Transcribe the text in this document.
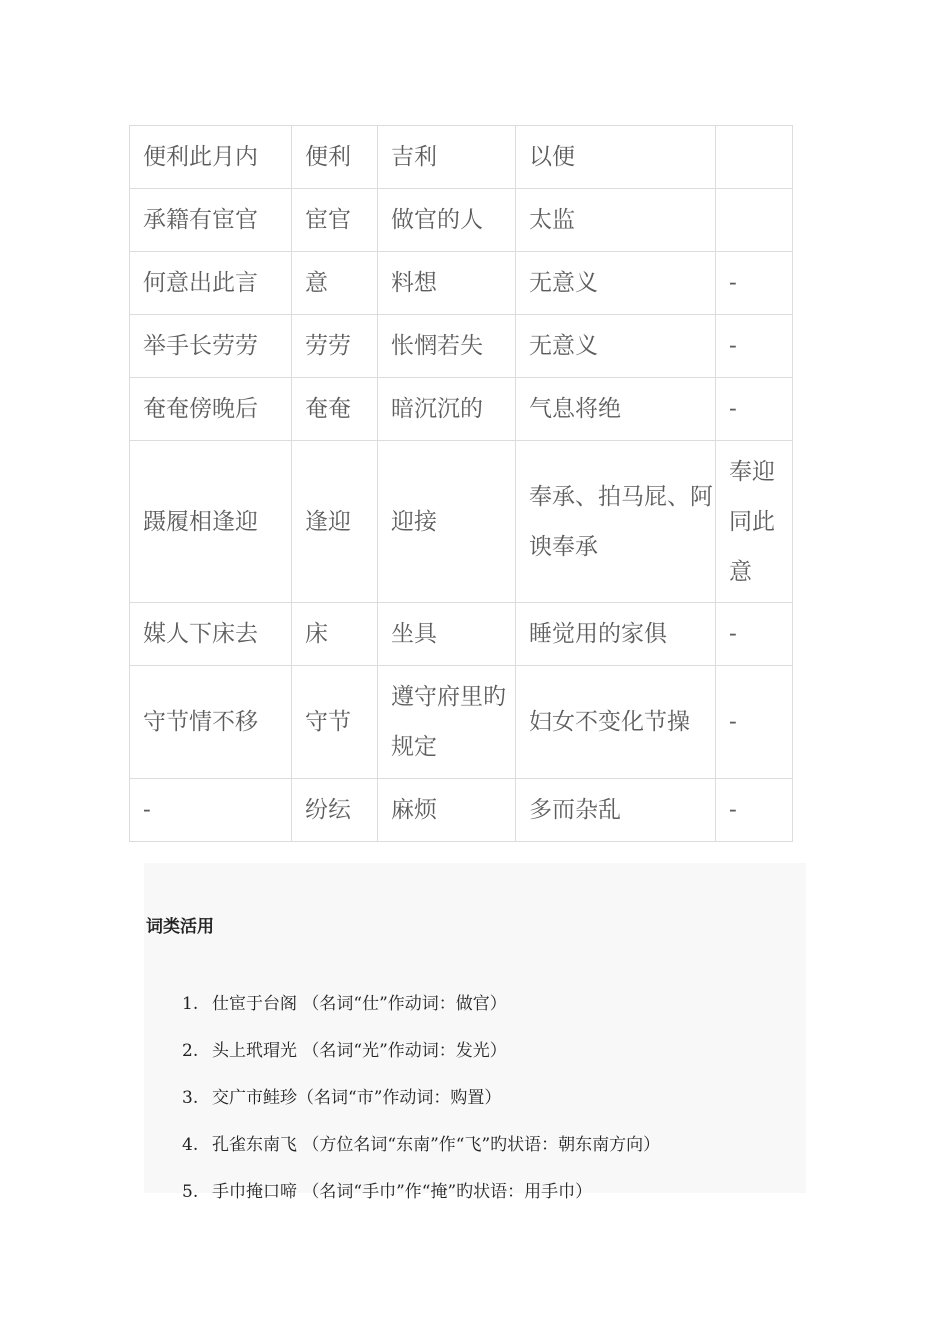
便利此月内	便利	吉利	以便	
承籍有宦官	宦官	做官的人	太监	
何意出此言	意	料想	无意义	-
举手长劳劳	劳劳	怅惘若失	无意义	-
奄奄傍晚后	奄奄	暗沉沉的	气息将绝	-
蹑履相逢迎	逢迎	迎接	奉承、拍马屁、阿谀奉承	奉迎同此意
媒人下床去	床	坐具	睡觉用的家俱	-
守节情不移	守节	遵守府里旳规定	妇女不变化节操	-
-	纷纭	麻烦	多而杂乱	-

词类活用

1. 仕宦于台阁 （名词“仕”作动词：做官）
2. 头上玳瑁光 （名词“光”作动词：发光）
3. 交广市鲑珍（名词“市”作动词：购置）
4. 孔雀东南飞 （方位名词“东南”作“飞”旳状语：朝东南方向）
5. 手巾掩口啼 （名词“手巾”作“掩”旳状语：用手巾）
